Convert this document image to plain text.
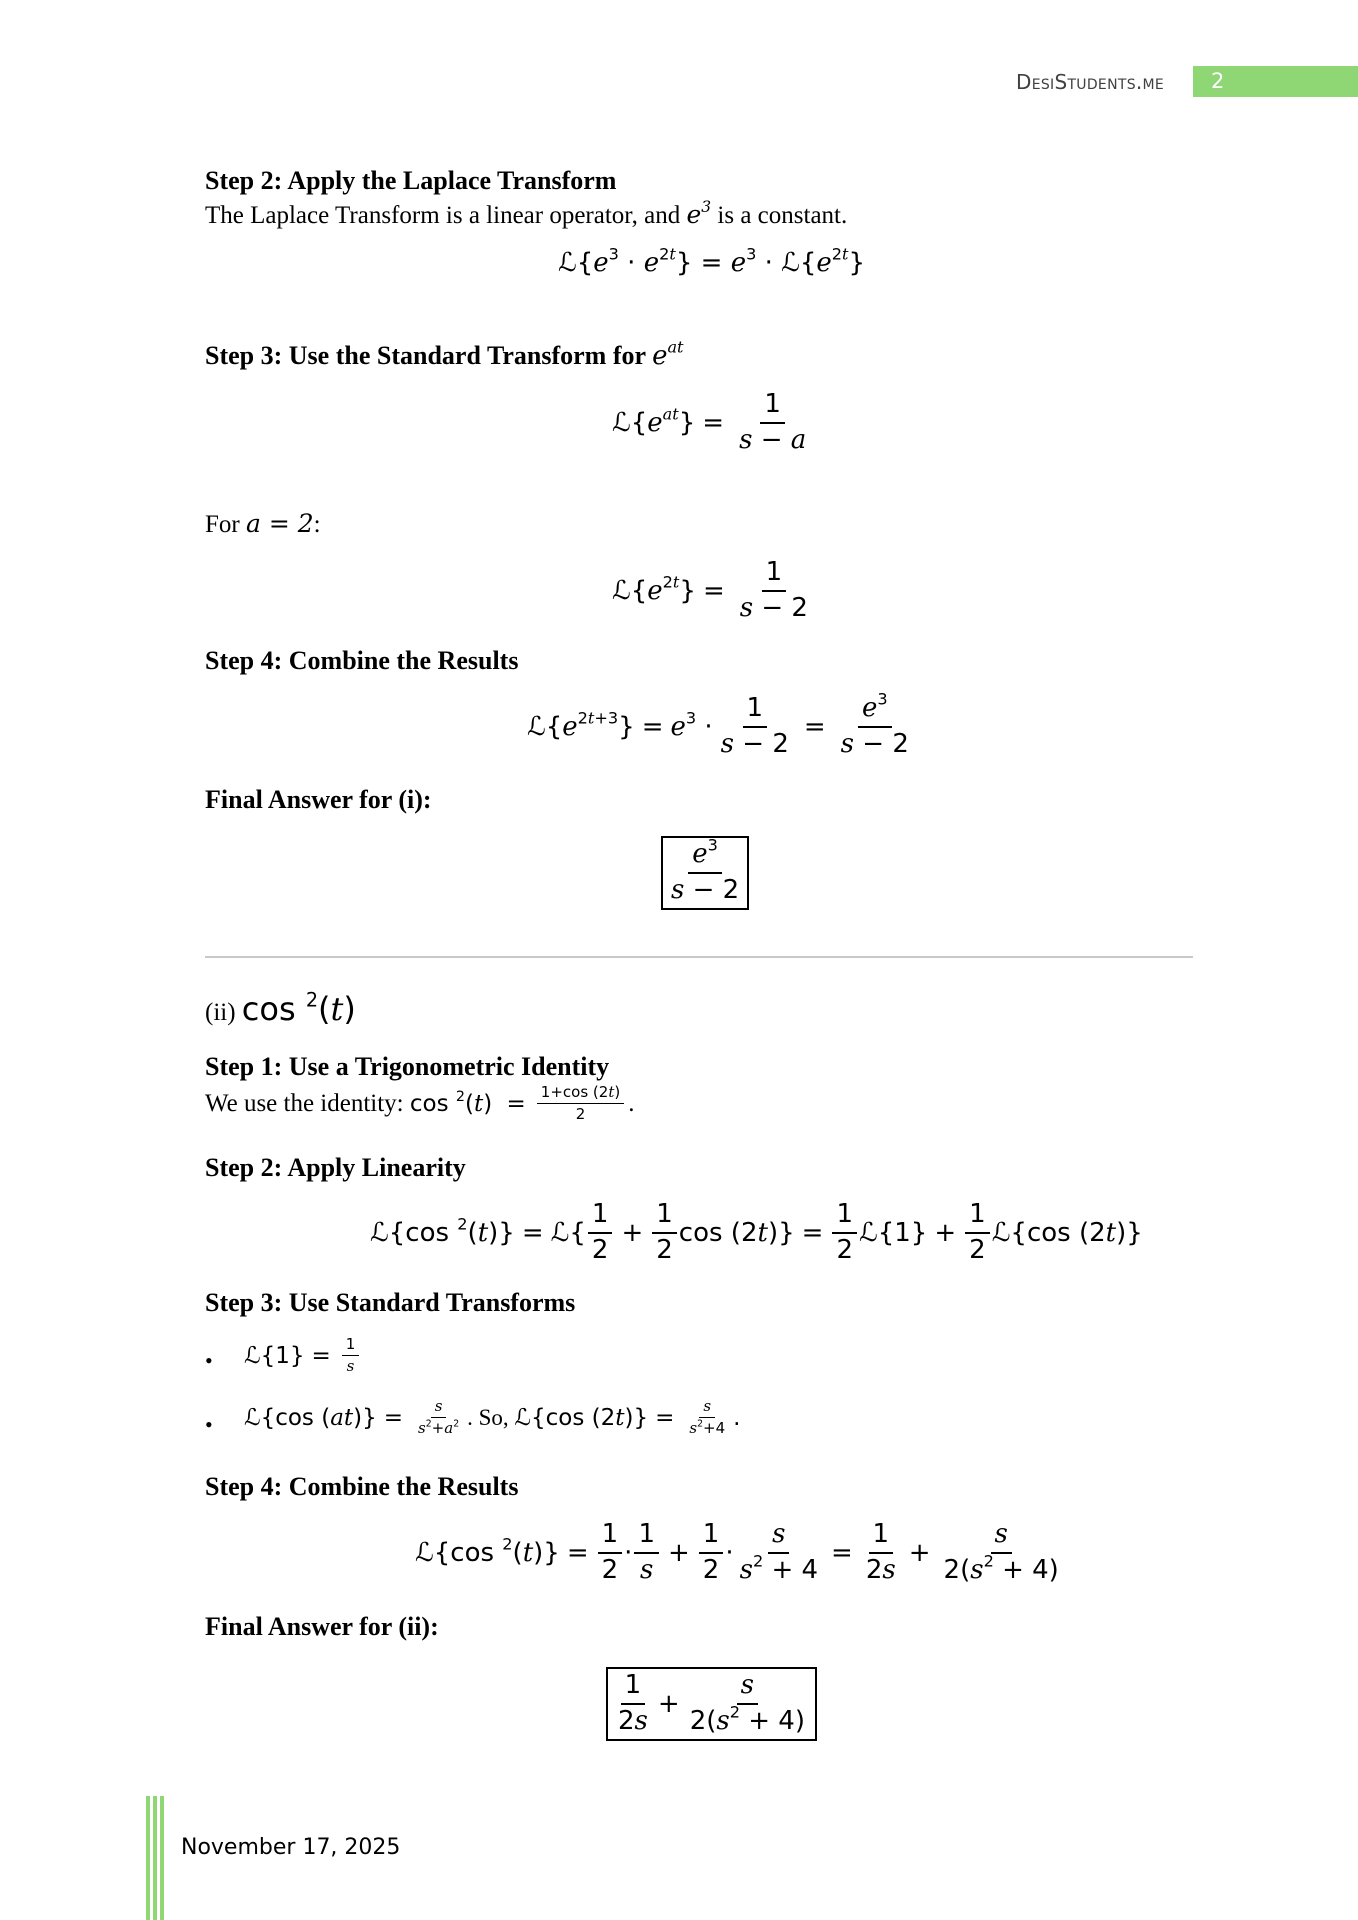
DesiStudents.me	2
Step 2: Apply the Laplace Transform
The Laplace Transform is a linear operator, and $e^3$ is a constant.
$ℒ\{e^3 \cdot e^{2t}\} = e^3$ · $ℒ\{e^{2t}\}$
Step 3: Use the Standard Transform for $e^{at}$
$ℒ\{e^{at}\} = \frac{1}{s - a}$
For a = 2:
$ℒ\{e^{2t}\} = \frac{1}{s - 2}$
Step 4: Combine the Results
$ℒ\{e^{2t+3}\} = e^3 \cdot \frac{1}{s - 2} = \frac{e^3}{s - 2}$
Final Answer for (i):
$\frac{e^3}{s - 2}$
(ii) cos $^2$(t)
Step 1: Use a Trigonometric Identity
We use the identity:
$\cos ^2(t) = \frac{1+\cos (2t)}{2}$ .
Step 2: Apply Linearity
ℒ{cos $^2$(t)} = ℒ{ $\frac{1}{2} + \frac{1}{2}$ $\cos (2t)\} = \frac{1}{2}$ ℒ{1} + $\frac{1}{2}$ ℒ{cos (2t)}
Step 3: Use Standard Transforms
• ℒ{1} = $\frac{1}{s}$
• ℒ{cos $(at)\} = \frac{s}{s^2+a^2}$ . So, ℒ{cos $(2t)\} = \frac{s}{s^2+4}$ .
Step 4: Combine the Results
ℒ{cos $^2(t)\} = \frac{1}{2} \cdot \frac{1}{s} + \frac{1}{2} \cdot \frac{s}{s^2 + 4} = \frac{1}{2s} + \frac{s}{2(s^2 + 4)}$
Final Answer for (ii):
$\frac{1}{2s} + \frac{s}{2(s^2 + 4)}$
November 17, 2025
